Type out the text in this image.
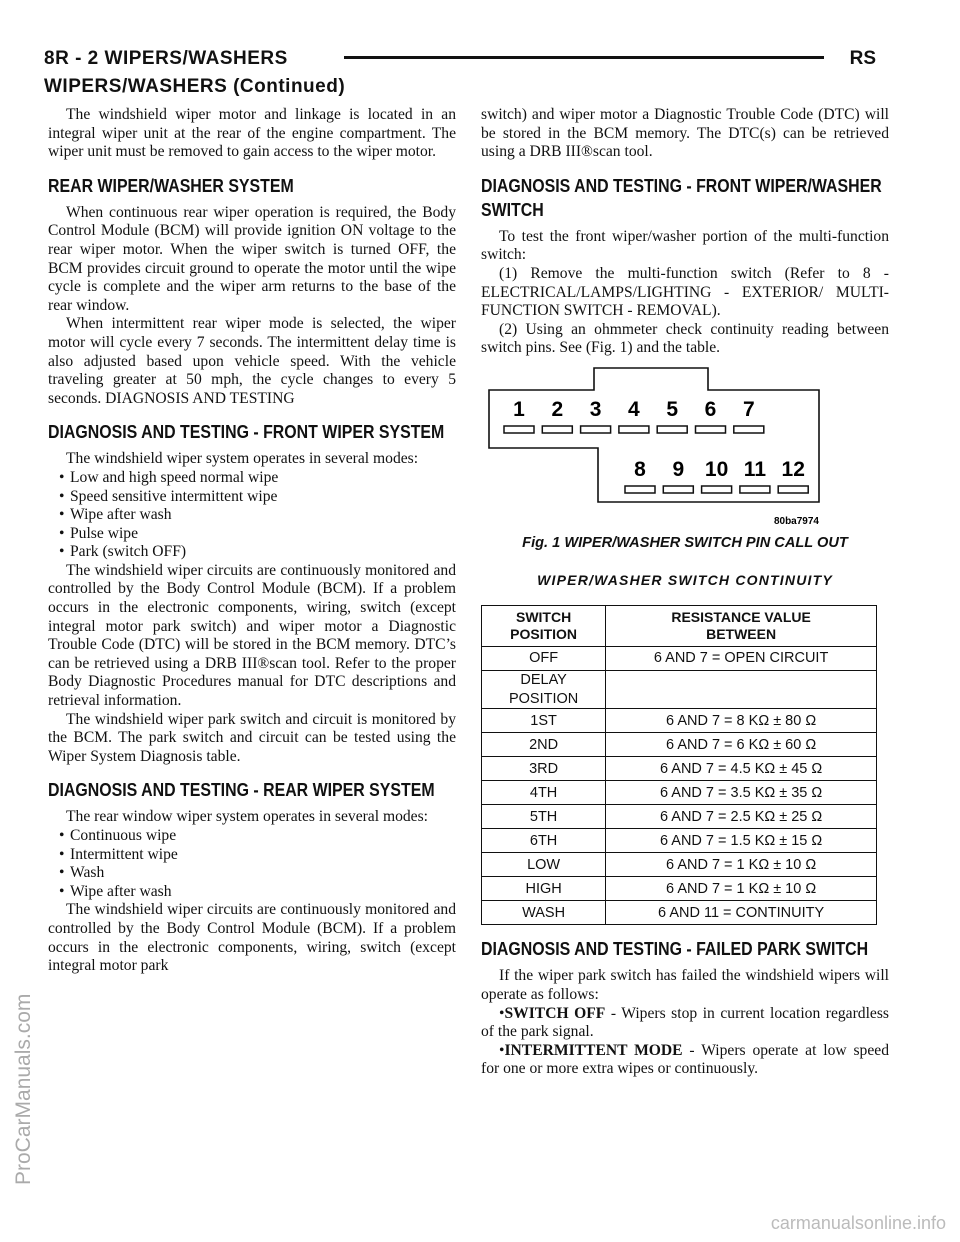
8R - 2 WIPERS/WASHERS	RS
WIPERS/WASHERS (Continued)

The windshield wiper motor and linkage is located in an integral wiper unit at the rear of the engine compartment. The wiper unit must be removed to gain access to the wiper motor.

REAR WIPER/WASHER SYSTEM

When continuous rear wiper operation is required, the Body Control Module (BCM) will provide ignition ON voltage to the rear wiper motor. When the wiper switch is turned OFF, the BCM provides circuit ground to operate the motor until the wipe cycle is complete and the wiper arm returns to the base of the rear window.

When intermittent rear wiper mode is selected, the wiper motor will cycle every 7 seconds. The intermittent delay time is also adjusted based upon vehicle speed. With the vehicle traveling greater at 50 mph, the cycle changes to every 5 seconds. DIAGNOSIS AND TESTING

DIAGNOSIS AND TESTING - FRONT WIPER SYSTEM

The windshield wiper system operates in several modes:

• Low and high speed normal wipe
• Speed sensitive intermittent wipe
• Wipe after wash
• Pulse wipe
• Park (switch OFF)

The windshield wiper circuits are continuously monitored and controlled by the Body Control Module (BCM). If a problem occurs in the electronic components, wiring, switch (except integral motor park switch) and wiper motor a Diagnostic Trouble Code (DTC) will be stored in the BCM memory. DTC’s can be retrieved using a DRB III®scan tool. Refer to the proper Body Diagnostic Procedures manual for DTC descriptions and retrieval information.

The windshield wiper park switch and circuit is monitored by the BCM. The park switch and circuit can be tested using the Wiper System Diagnosis table.

DIAGNOSIS AND TESTING - REAR WIPER SYSTEM

The rear window wiper system operates in several modes:

• Continuous wipe
• Intermittent wipe
• Wash
• Wipe after wash

The windshield wiper circuits are continuously monitored and controlled by the Body Control Module (BCM). If a problem occurs in the electronic components, wiring, switch (except integral motor park

switch) and wiper motor a Diagnostic Trouble Code (DTC) will be stored in the BCM memory. The DTC(s) can be retrieved using a DRB III®scan tool.

DIAGNOSIS AND TESTING - FRONT WIPER/WASHER SWITCH

To test the front wiper/washer portion of the multi-function switch:

(1) Remove the multi-function switch (Refer to 8 - ELECTRICAL/LAMPS/LIGHTING - EXTERIOR/ MULTI-FUNCTION SWITCH - REMOVAL).

(2) Using an ohmmeter check continuity reading between switch pins. See (Fig. 1) and the table.

1 2 3 4 5 6 7
8 9 10 11 12
80ba7974
Fig. 1 WIPER/WASHER SWITCH PIN CALL OUT
WIPER/WASHER SWITCH CONTINUITY
SWITCH POSITION	RESISTANCE VALUE BETWEEN
OFF	6 AND 7 = OPEN CIRCUIT
DELAY POSITION	
1ST	6 AND 7 = 8 KΩ ± 80 Ω
2ND	6 AND 7 = 6 KΩ ± 60 Ω
3RD	6 AND 7 = 4.5 KΩ ± 45 Ω
4TH	6 AND 7 = 3.5 KΩ ± 35 Ω
5TH	6 AND 7 = 2.5 KΩ ± 25 Ω
6TH	6 AND 7 = 1.5 KΩ ± 15 Ω
LOW	6 AND 7 = 1 KΩ ± 10 Ω
HIGH	6 AND 7 = 1 KΩ ± 10 Ω
WASH	6 AND 11 = CONTINUITY
DIAGNOSIS AND TESTING - FAILED PARK SWITCH

If the wiper park switch has failed the windshield wipers will operate as follows:

•SWITCH OFF - Wipers stop in current location regardless of the park signal.

•INTERMITTENT MODE - Wipers operate at low speed for one or more extra wipes or continuously.

ProCarManuals.com
carmanualsonline.info
